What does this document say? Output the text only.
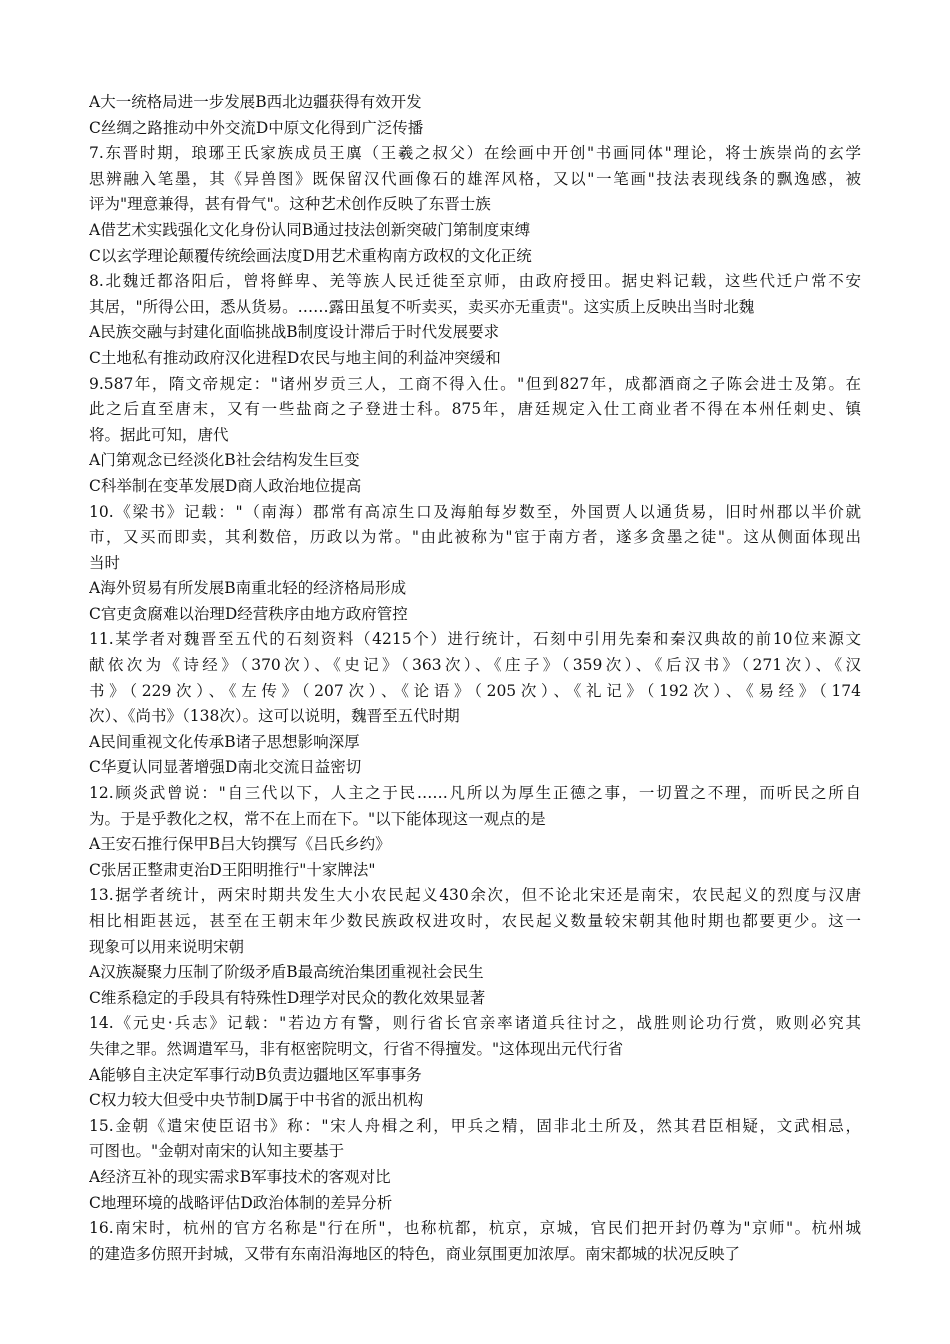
A大一统格局进一步发展B西北边疆获得有效开发
C丝绸之路推动中外交流D中原文化得到广泛传播
7.东晋时期，琅琊王氏家族成员王廙（王羲之叔父）在绘画中开创"书画同体"理论，将士族崇尚的玄学
思辨融入笔墨，其《异兽图》既保留汉代画像石的雄浑风格，又以"一笔画"技法表现线条的飘逸感，被
评为"理意兼得，甚有骨气"。这种艺术创作反映了东晋士族
A借艺术实践强化文化身份认同B通过技法创新突破门第制度束缚
C以玄学理论颠覆传统绘画法度D用艺术重构南方政权的文化正统
8.北魏迁都洛阳后，曾将鲜卑、羌等族人民迁徙至京师，由政府授田。据史料记载，这些代迁户常不安
其居，"所得公田，悉从货易。……露田虽复不听卖买，卖买亦无重责"。这实质上反映出当时北魏
A民族交融与封建化面临挑战B制度设计滞后于时代发展要求
C土地私有推动政府汉化进程D农民与地主间的利益冲突缓和
9.587年，隋文帝规定："诸州岁贡三人，工商不得入仕。"但到827年，成都酒商之子陈会进士及第。在
此之后直至唐末，又有一些盐商之子登进士科。875年，唐廷规定入仕工商业者不得在本州任刺史、镇
将。据此可知，唐代
A门第观念已经淡化B社会结构发生巨变
C科举制在变革发展D商人政治地位提高
10.《梁书》记载："（南海）郡常有高凉生口及海舶每岁数至，外国贾人以通货易，旧时州郡以半价就
市，又买而即卖，其利数倍，历政以为常。"由此被称为"宦于南方者，遂多贪墨之徒"。这从侧面体现出
当时
A海外贸易有所发展B南重北轻的经济格局形成
C官吏贪腐难以治理D经营秩序由地方政府管控
11.某学者对魏晋至五代的石刻资料（4215个）进行统计，石刻中引用先秦和秦汉典故的前10位来源文
献依次为《诗经》（370次）、《史记》（363次）、《庄子》（359次）、《后汉书》（271次）、《汉
书》（229次）、《左传》（207次）、《论语》（205次）、《礼记》（192次）、《易经》（174
次）、《尚书》（138次）。这可以说明，魏晋至五代时期
A民间重视文化传承B诸子思想影响深厚
C华夏认同显著增强D南北交流日益密切
12.顾炎武曾说："自三代以下，人主之于民……凡所以为厚生正德之事，一切置之不理，而听民之所自
为。于是乎教化之权，常不在上而在下。"以下能体现这一观点的是
A王安石推行保甲B吕大钧撰写《吕氏乡约》
C张居正整肃吏治D王阳明推行"十家牌法"
13.据学者统计，两宋时期共发生大小农民起义430余次，但不论北宋还是南宋，农民起义的烈度与汉唐
相比相距甚远，甚至在王朝末年少数民族政权进攻时，农民起义数量较宋朝其他时期也都要更少。这一
现象可以用来说明宋朝
A汉族凝聚力压制了阶级矛盾B最高统治集团重视社会民生
C维系稳定的手段具有特殊性D理学对民众的教化效果显著
14.《元史·兵志》记载："若边方有警，则行省长官亲率诸道兵往讨之，战胜则论功行赏，败则必究其
失律之罪。然调遣军马，非有枢密院明文，行省不得擅发。"这体现出元代行省
A能够自主决定军事行动B负责边疆地区军事事务
C权力较大但受中央节制D属于中书省的派出机构
15.金朝《遣宋使臣诏书》称："宋人舟楫之利，甲兵之精，固非北土所及，然其君臣相疑，文武相忌，
可图也。"金朝对南宋的认知主要基于
A经济互补的现实需求B军事技术的客观对比
C地理环境的战略评估D政治体制的差异分析
16.南宋时，杭州的官方名称是"行在所"，也称杭都，杭京，京城，官民们把开封仍尊为"京师"。杭州城
的建造多仿照开封城，又带有东南沿海地区的特色，商业氛围更加浓厚。南宋都城的状况反映了
